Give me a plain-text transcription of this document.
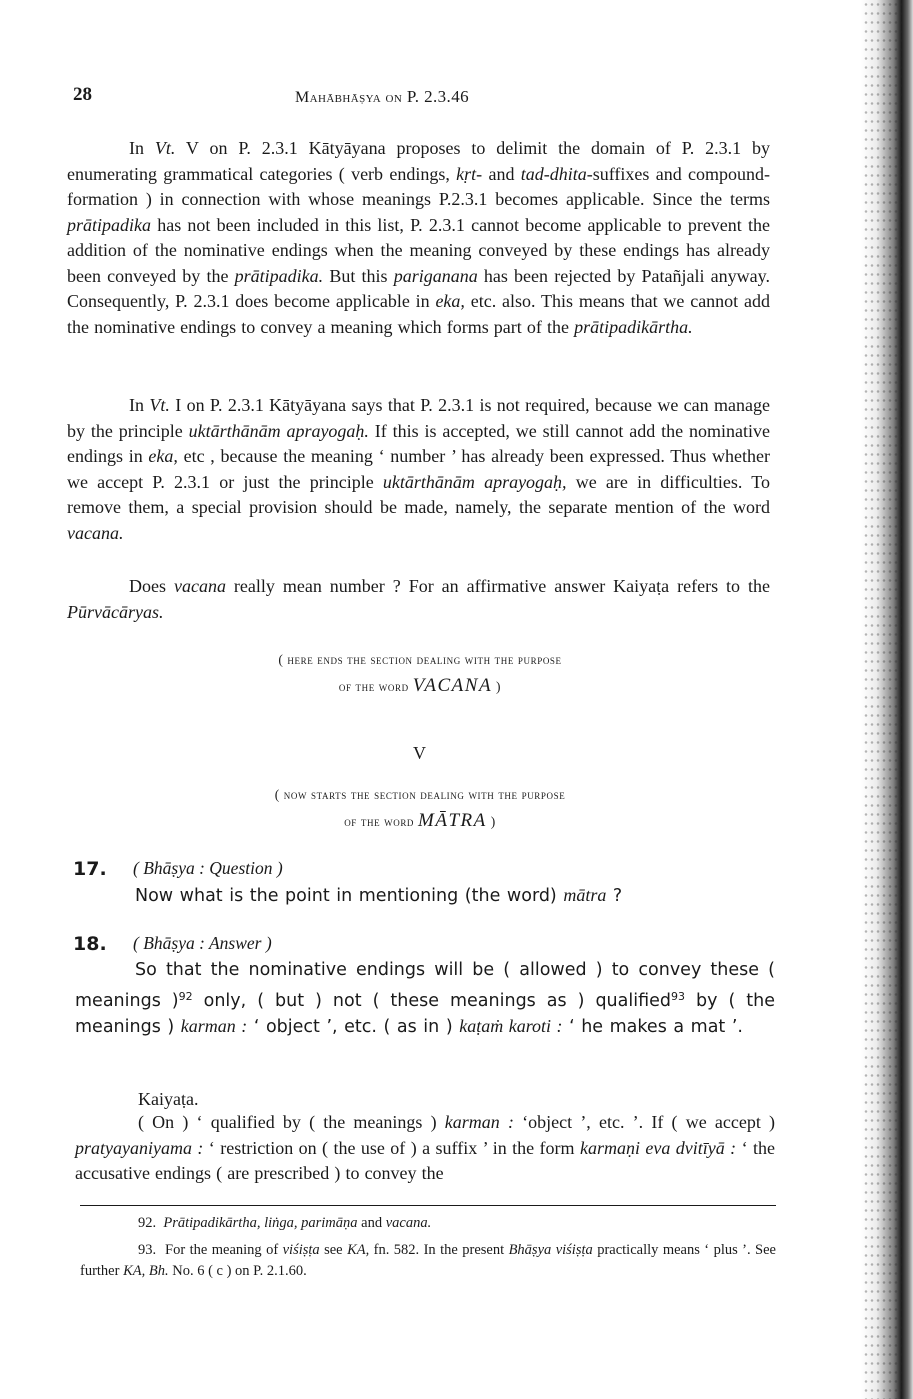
28	Mahābhāṣya on P. 2.3.46

In Vt. V on P. 2.3.1 Kātyāyana proposes to delimit the domain of P. 2.3.1 by enumerating grammatical categories ( verb endings, kṛt- and tad-dhita-suffixes and compound-formation ) in connection with whose meanings P.2.3.1 becomes applicable. Since the terms prātipadika has not been included in this list, P. 2.3.1 cannot become applicable to prevent the addition of the nominative endings when the meaning conveyed by these endings has already been conveyed by the prātipadika. But this pariganana has been rejected by Patañjali anyway. Consequently, P. 2.3.1 does become applicable in eka, etc. also. This means that we cannot add the nominative endings to convey a meaning which forms part of the prātipadikārtha.

In Vt. I on P. 2.3.1 Kātyāyana says that P. 2.3.1 is not required, because we can manage by the principle uktārthānām aprayogaḥ. If this is accepted, we still cannot add the nominative endings in eka, etc , because the meaning ‘ number ’ has already been expressed. Thus whether we accept P. 2.3.1 or just the principle uktārthānām aprayogaḥ, we are in difficulties. To remove them, a special provision should be made, namely, the separate mention of the word vacana.

Does vacana really mean number ? For an affirmative answer Kaiyaṭa refers to the Pūrvācāryas.

( here ends the section dealing with the purpose
of the word VACANA )
V
( now starts the section dealing with the purpose
of the word MĀTRA )
17. ( Bhāṣya : Question )

Now what is the point in mentioning (the word) mātra ?

18. ( Bhāṣya : Answer )

So that the nominative endings will be ( allowed ) to convey these ( meanings )$^{92}$ only, ( but ) not ( these meanings as ) qualified$^{93}$ by ( the meanings ) karman : ‘ object ’, etc. ( as in ) kaṭaṁ karoti : ‘ he makes a mat ’.

Kaiyaṭa.

( On ) ‘ qualified by ( the meanings ) karman : ‘object ’, etc. ’. If ( we accept ) pratyayaniyama : ‘ restriction on ( the use of ) a suffix ’ in the form karmaṇi eva dvitīyā : ‘ the accusative endings ( are prescribed ) to convey the

92. Prātipadikārtha, liṅga, parimāṇa and vacana.

93. For the meaning of viśiṣṭa see KA, fn. 582. In the present Bhāṣya viśiṣṭa practically means ‘ plus ’. See further KA, Bh. No. 6 ( c ) on P. 2.1.60.
